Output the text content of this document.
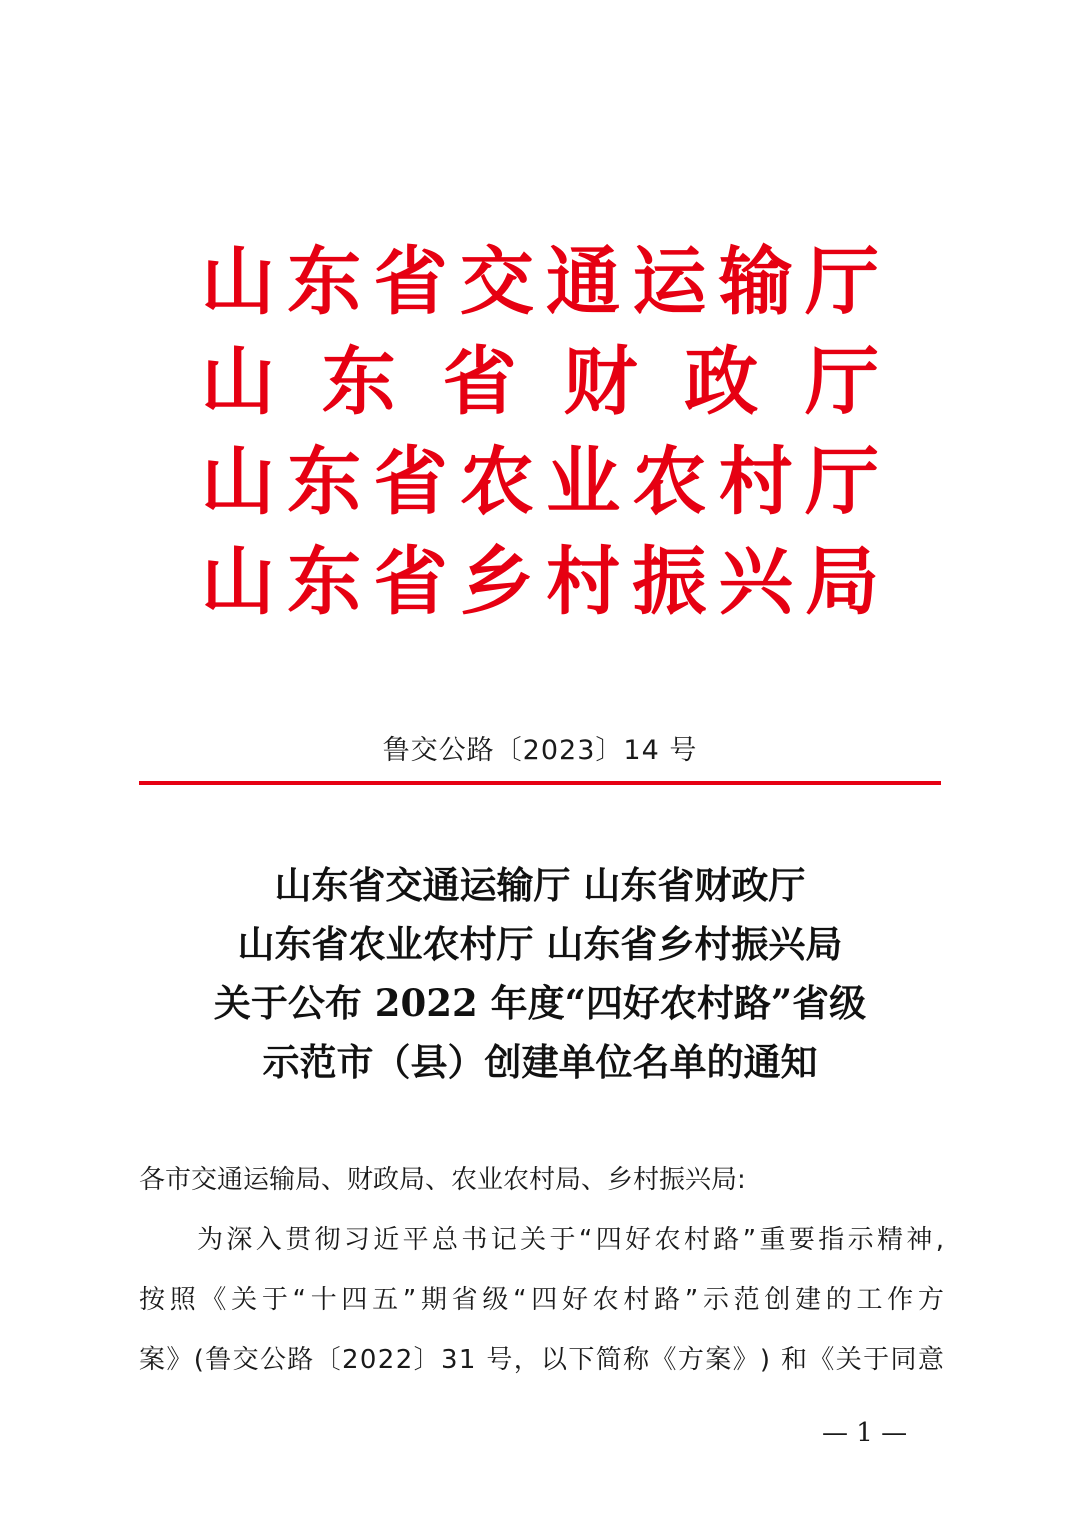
山 东 省 交 通 运 输 厅
山 东 省 财 政 厅
山 东 省 农 业 农 村 厅
山 东 省 乡 村 振 兴 局
鲁交公路〔2023〕14 号
山东省交通运输厅 山东省财政厅
山东省农业农村厅 山东省乡村振兴局
关于公布 2022 年度“四好农村路”省级
示范市（县）创建单位名单的通知
各市交通运输局、财政局、农业农村局、乡村振兴局:
为 深 入 贯 彻 习 近 平 总 书 记 关 于 “ 四 好 农 村 路 ” 重 要 指 示 精 神 ,
按 照 《 关 于 “ 十 四 五 ” 期 省 级 “ 四 好 农 村 路 ” 示 范 创 建 的 工 作 方
案 》 ( 鲁 交 公 路 〔 2 0 2 2 〕 3 1
号 ， 以 下 简 称 《 方 案 》 )
和 《 关 于 同 意
— 1 —
